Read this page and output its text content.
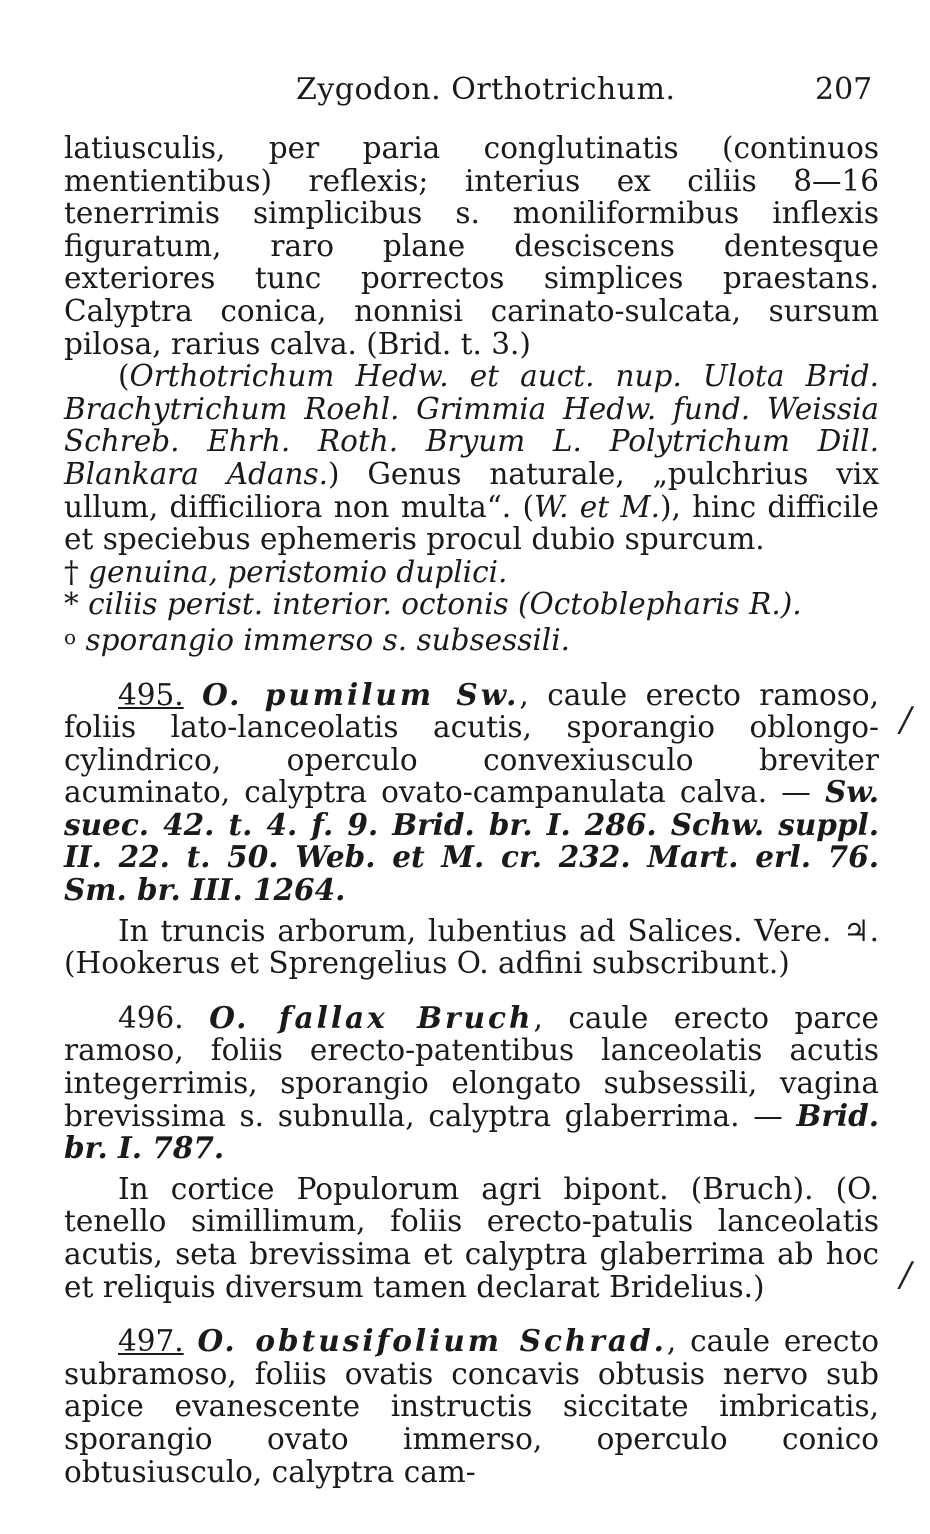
Zygodon. Orthotrichum.	207

latiusculis, per paria conglutinatis (continuos mentientibus) reflexis; interius ex ciliis 8—16 tenerrimis simplicibus s. moniliformibus inflexis figuratum, raro plane desciscens dentesque exteriores tunc porrectos simplices praestans. Calyptra conica, nonnisi carinato-sulcata, sursum pilosa, rarius calva. (Brid. t. 3.)

(Orthotrichum Hedw. et auct. nup. Ulota Brid. Brachytrichum Roehl. Grimmia Hedw. fund. Weissia Schreb. Ehrh. Roth. Bryum L. Polytrichum Dill. Blankara Adans.) Genus naturale, „pulchrius vix ullum, difficiliora non multa“. (W. et M.), hinc difficile et speciebus ephemeris procul dubio spurcum.

† genuina, peristomio duplici.

* ciliis perist. interior. octonis (Octoblepharis R.).

$^o$ sporangio immerso s. subsessili.

495. O. pumilum Sw., caule erecto ramoso, foliis lato-lanceolatis acutis, sporangio oblongo-cylindrico, operculo convexiusculo breviter acuminato, calyptra ovato-campanulata calva. — Sw. suec. 42. t. 4. f. 9. Brid. br. I. 286. Schw. suppl. II. 22. t. 50. Web. et M. cr. 232. Mart. erl. 76. Sm. br. III. 1264.

In truncis arborum, lubentius ad Salices. Vere. ♃. (Hookerus et Sprengelius O. adfini subscribunt.)

496. O. fallax Bruch, caule erecto parce ramoso, foliis erecto-patentibus lanceolatis acutis integerrimis, sporangio elongato subsessili, vagina brevissima s. subnulla, calyptra glaberrima. — Brid. br. I. 787.

In cortice Populorum agri bipont. (Bruch). (O. tenello simillimum, foliis erecto-patulis lanceolatis acutis, seta brevissima et calyptra glaberrima ab hoc et reliquis diversum tamen declarat Bridelius.)

497. O. obtusifolium Schrad., caule erecto subramoso, foliis ovatis concavis obtusis nervo sub apice evanescente instructis siccitate imbricatis, sporangio ovato immerso, operculo conico obtusiusculo, calyptra cam-

/
/
